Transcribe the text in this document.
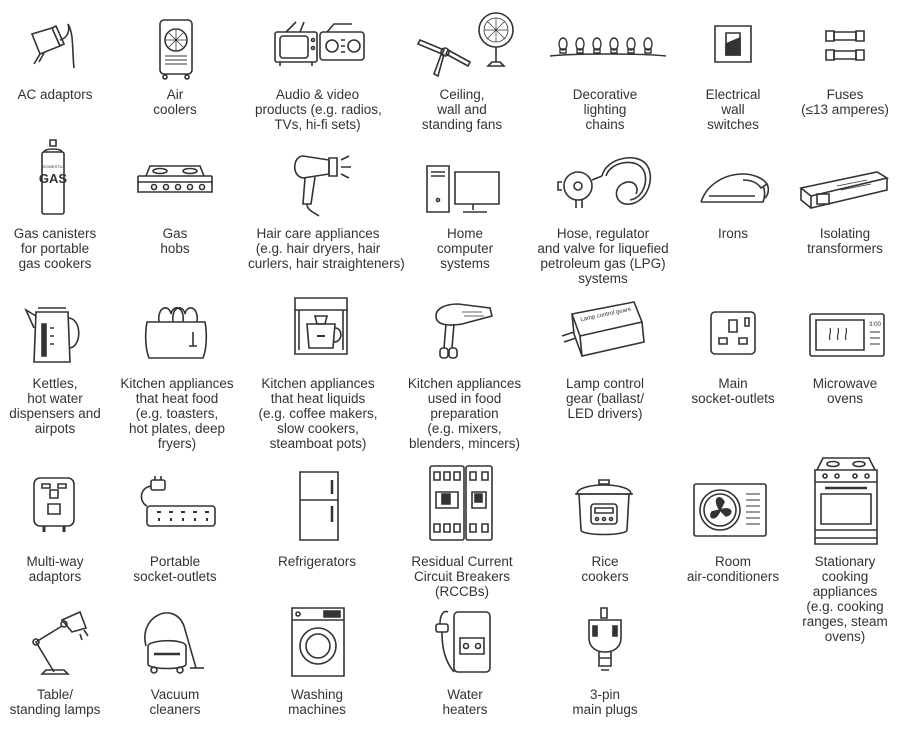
AC adaptors	Air
coolers
Audio & video
products (e.g. radios,
TVs, hi-fi sets)
Ceiling,
wall and
standing fans
Decorative
lighting
chains
Electrical
wall
switches
Fuses
(≤13 amperes)
DOMESTIC
GAS
Gas canisters
for portable
gas cookers
Gas
hobs
Hair care appliances
(e.g. hair dryers, hair
curlers, hair straighteners)
Home
computer
systems
Hose, regulator
and valve for liquefied
petroleum gas (LPG)
systems
Irons	Isolating
transformers
Kettles,
hot water
dispensers and
airpots
Kitchen appliances
that heat food
(e.g. toasters,
hot plates, deep
fryers)
Kitchen appliances
that heat liquids
(e.g. coffee makers,
slow cookers,
steamboat pots)
Kitchen appliances
used in food
preparation
(e.g. mixers,
blenders, mincers)
Lamp control gears
Lamp control
gear (ballast/
LED drivers)
Main
socket-outlets
3:00
Microwave
ovens
Multi-way
adaptors
Portable
socket-outlets
Refrigerators	Residual Current
Circuit Breakers
(RCCBs)
Rice
cookers
Room
air-conditioners
Stationary
cooking
appliances
(e.g. cooking
ranges, steam
ovens)
Table/
standing lamps
Vacuum
cleaners
Washing
machines
Water
heaters
3-pin
main plugs
